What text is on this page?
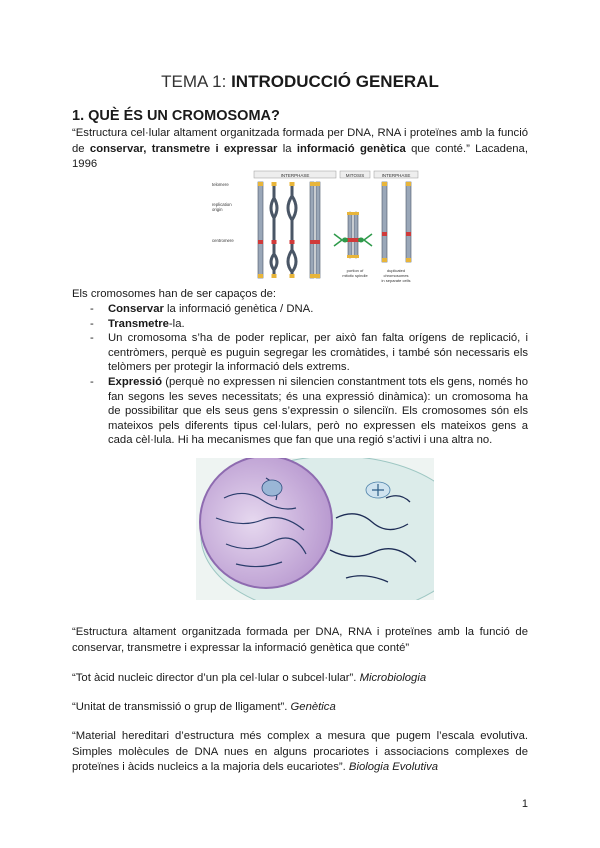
TEMA 1: INTRODUCCIÓ GENERAL
1. QUÈ ÉS UN CROMOSOMA?
“Estructura cel·lular altament organitzada formada per DNA, RNA i proteïnes amb la funció de conservar, transmetre i expressar la informació genètica que conté.” Lacadena, 1996
INTERPHASE	MITOSIS	INTERPHASE
telomere
replication
origin
centromere
portion of
mitotic spindle
duplicated
chromosomes
in separate cells
Els cromosomes han de ser capaços de:
- Conservar la informació genètica / DNA.
- Transmetre-la.
- Un cromosoma s’ha de poder replicar, per això fan falta orígens de replicació, i centròmers, perquè es puguin segregar les cromàtides, i també són necessaris els telòmers per protegir la informació dels extrems.
- Expressió (perquè no expressen ni silencien constantment tots els gens, només ho fan segons les seves necessitats; és una expressió dinàmica): un cromosoma ha de possibilitar que els seus gens s’expressin o silenciïn. Els cromosomes són els mateixos pels diferents tipus cel·lulars, però no expressen els mateixos gens a cada cèl·lula. Hi ha mecanismes que fan que una regió s’activi i una altra no.
“Estructura altament organitzada formada per DNA, RNA i proteïnes amb la funció de conservar, transmetre i expressar la informació genètica que conté”
“Tot àcid nucleic director d’un pla cel·lular o subcel·lular”. Microbiologia
“Unitat de transmissió o grup de lligament”. Genètica
“Material hereditari d’estructura més complex a mesura que pugem l’escala evolutiva. Simples molècules de DNA nues en alguns procariotes i associacions complexes de proteïnes i àcids nucleics a la majoria dels eucariotes”. Biologia Evolutiva
1
